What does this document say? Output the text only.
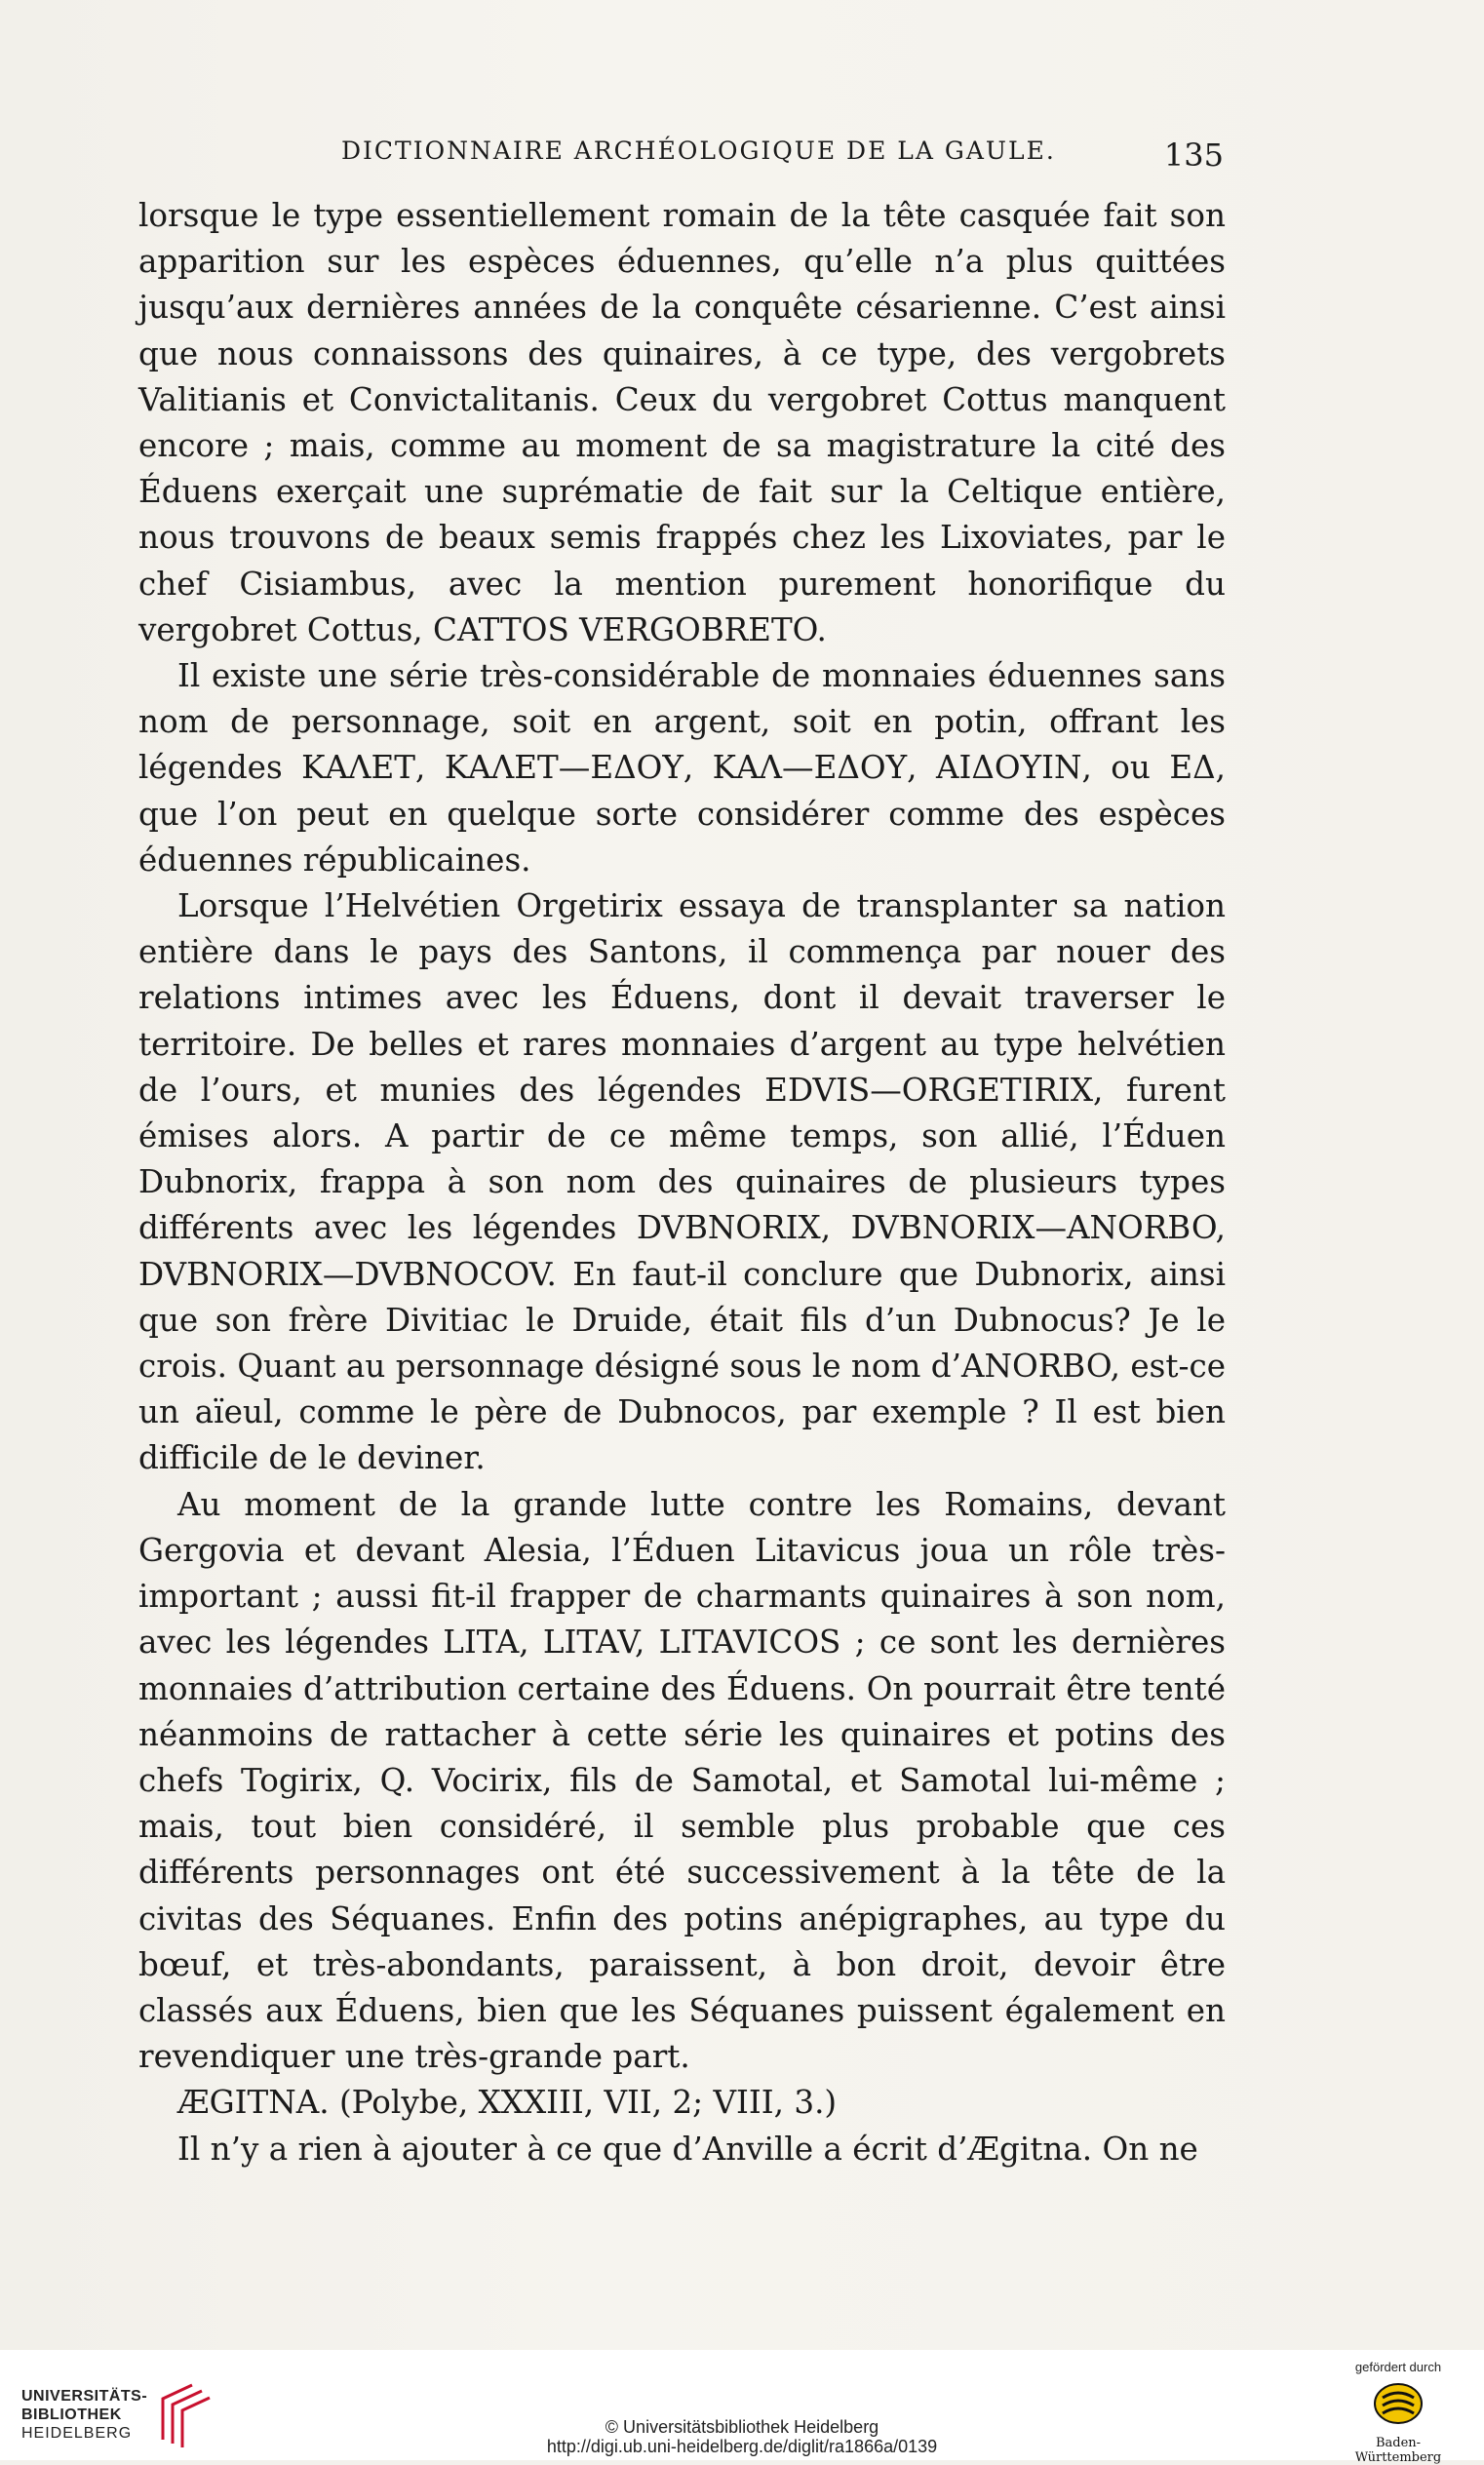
DICTIONNAIRE ARCHÉOLOGIQUE DE LA GAULE.	135

lorsque le type essentiellement romain de la tête casquée fait son apparition sur les espèces éduennes, qu’elle n’a plus quittées jusqu’aux dernières années de la conquête césarienne. C’est ainsi que nous connaissons des quinaires, à ce type, des vergobrets Valitianis et Convictalitanis. Ceux du vergobret Cottus manquent encore ; mais, comme au moment de sa magistrature la cité des Éduens exerçait une suprématie de fait sur la Celtique entière, nous trouvons de beaux semis frappés chez les Lixoviates, par le chef Cisiambus, avec la mention purement honorifique du vergobret Cottus, CATTOS VERGOBRETO.

Il existe une série très-considérable de monnaies éduennes sans nom de personnage, soit en argent, soit en potin, offrant les légendes ΚΑΛΕΤ, ΚΑΛΕΤ—ΕΔΟΥ, ΚΑΛ—ΕΔΟΥ, ΑΙΔΟΥΙΝ, ou ΕΔ, que l’on peut en quelque sorte considérer comme des espèces éduennes républicaines.

Lorsque l’Helvétien Orgetirix essaya de transplanter sa nation entière dans le pays des Santons, il commença par nouer des relations intimes avec les Éduens, dont il devait traverser le territoire. De belles et rares monnaies d’argent au type helvétien de l’ours, et munies des légendes EDVIS—ORGETIRIX, furent émises alors. A partir de ce même temps, son allié, l’Éduen Dubnorix, frappa à son nom des quinaires de plusieurs types différents avec les légendes DVBNORIX, DVBNORIX—ANORBO, DVBNORIX—DVBNOCOV. En faut-il conclure que Dubnorix, ainsi que son frère Divitiac le Druide, était fils d’un Dubnocus? Je le crois. Quant au personnage désigné sous le nom d’ANORBO, est-ce un aïeul, comme le père de Dubnocos, par exemple ? Il est bien difficile de le deviner.

Au moment de la grande lutte contre les Romains, devant Gergovia et devant Alesia, l’Éduen Litavicus joua un rôle très-important ; aussi fit-il frapper de charmants quinaires à son nom, avec les légendes LITA, LITAV, LITAVICOS ; ce sont les dernières monnaies d’attribution certaine des Éduens. On pourrait être tenté néanmoins de rattacher à cette série les quinaires et potins des chefs Togirix, Q. Vocirix, fils de Samotal, et Samotal lui-même ; mais, tout bien considéré, il semble plus probable que ces différents personnages ont été successivement à la tête de la civitas des Séquanes. Enfin des potins anépigraphes, au type du bœuf, et très-abondants, paraissent, à bon droit, devoir être classés aux Éduens, bien que les Séquanes puissent également en revendiquer une très-grande part.

ÆGITNA. (Polybe, XXXIII, VII, 2; VIII, 3.)

Il n’y a rien à ajouter à ce que d’Anville a écrit d’Ægitna. On ne

UNIVERSITÄTS-
BIBLIOTHEK
HEIDELBERG	© Universitätsbibliothek Heidelberg
http://digi.ub.uni-heidelberg.de/diglit/ra1866a/0139
gefördert durch
Baden-Württemberg
